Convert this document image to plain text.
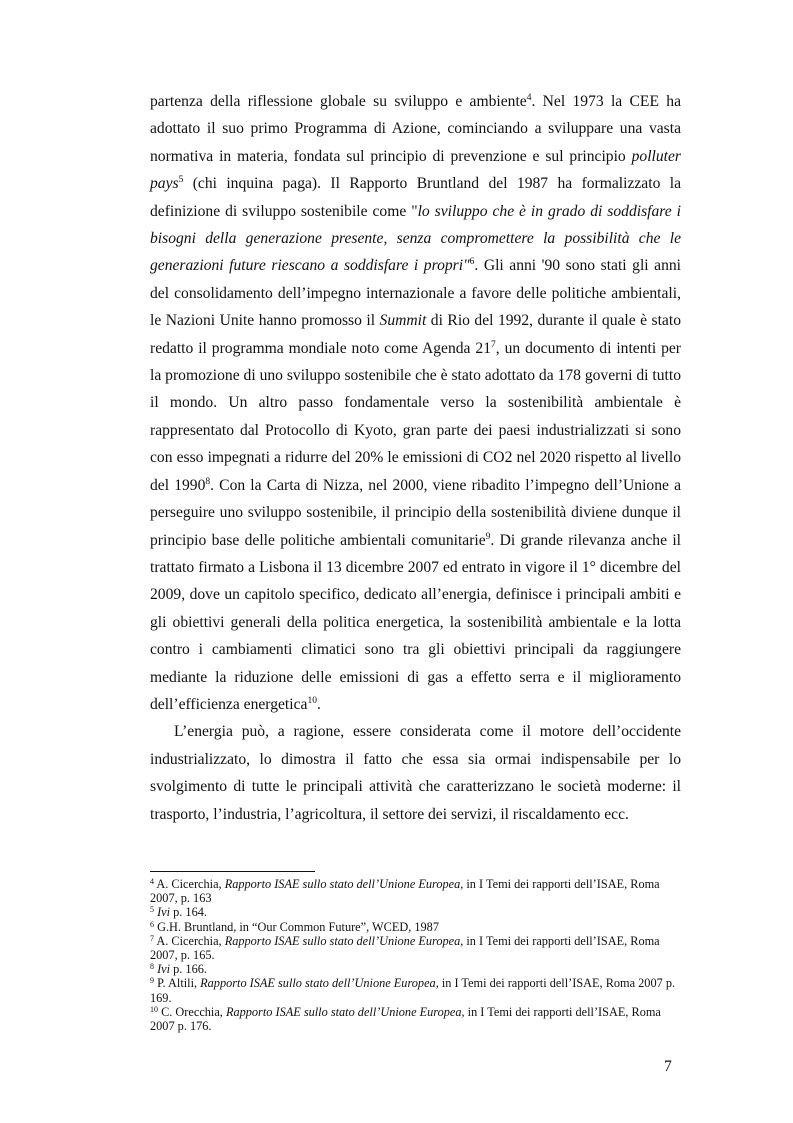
partenza della riflessione globale su sviluppo e ambiente$^4$. Nel 1973 la CEE ha adottato il suo primo Programma di Azione, cominciando a sviluppare una vasta normativa in materia, fondata sul principio di prevenzione e sul principio polluter pays$^5$ (chi inquina paga). Il Rapporto Bruntland del 1987 ha formalizzato la definizione di sviluppo sostenibile come "lo sviluppo che è in grado di soddisfare i bisogni della generazione presente, senza compromettere la possibilità che le generazioni future riescano a soddisfare i propri"$^6$. Gli anni '90 sono stati gli anni del consolidamento dell’impegno internazionale a favore delle politiche ambientali, le Nazioni Unite hanno promosso il Summit di Rio del 1992, durante il quale è stato redatto il programma mondiale noto come Agenda $21^7$, un documento di intenti per la promozione di uno sviluppo sostenibile che è stato adottato da 178 governi di tutto il mondo. Un altro passo fondamentale verso la sostenibilità ambientale è rappresentato dal Protocollo di Kyoto, gran parte dei paesi industrializzati si sono con esso impegnati a ridurre del 20% le emissioni di CO2 nel 2020 rispetto al livello del 1990$^8$. Con la Carta di Nizza, nel 2000, viene ribadito l’impegno dell’Unione a perseguire uno sviluppo sostenibile, il principio della sostenibilità diviene dunque il principio base delle politiche ambientali comunitarie$^9$. Di grande rilevanza anche il trattato firmato a Lisbona il 13 dicembre 2007 ed entrato in vigore il 1° dicembre del 2009, dove un capitolo specifico, dedicato all’energia, definisce i principali ambiti e gli obiettivi generali della politica energetica, la sostenibilità ambientale e la lotta contro i cambiamenti climatici sono tra gli obiettivi principali da raggiungere mediante la riduzione delle emissioni di gas a effetto serra e il miglioramento dell’efficienza energetica$^{10}$.

L’energia può, a ragione, essere considerata come il motore dell’occidente industrializzato, lo dimostra il fatto che essa sia ormai indispensabile per lo svolgimento di tutte le principali attività che caratterizzano le società moderne: il trasporto, l’industria, l’agricoltura, il settore dei servizi, il riscaldamento ecc.

$^4$ A. Cicerchia, Rapporto ISAE sullo stato dell’Unione Europea, in I Temi dei rapporti dell’ISAE, Roma 2007, p. 163
$^5$ Ivi p. 164.
$^6$ G.H. Bruntland, in “Our Common Future”, WCED, 1987
$^7$ A. Cicerchia, Rapporto ISAE sullo stato dell’Unione Europea, in I Temi dei rapporti dell’ISAE, Roma 2007, p. 165.
$^8$ Ivi p. 166.
$^9$ P. Altili, Rapporto ISAE sullo stato dell’Unione Europea, in I Temi dei rapporti dell’ISAE, Roma 2007 p. 169.
$^{10}$ C. Orecchia, Rapporto ISAE sullo stato dell’Unione Europea, in I Temi dei rapporti dell’ISAE, Roma 2007 p. 176.
7
